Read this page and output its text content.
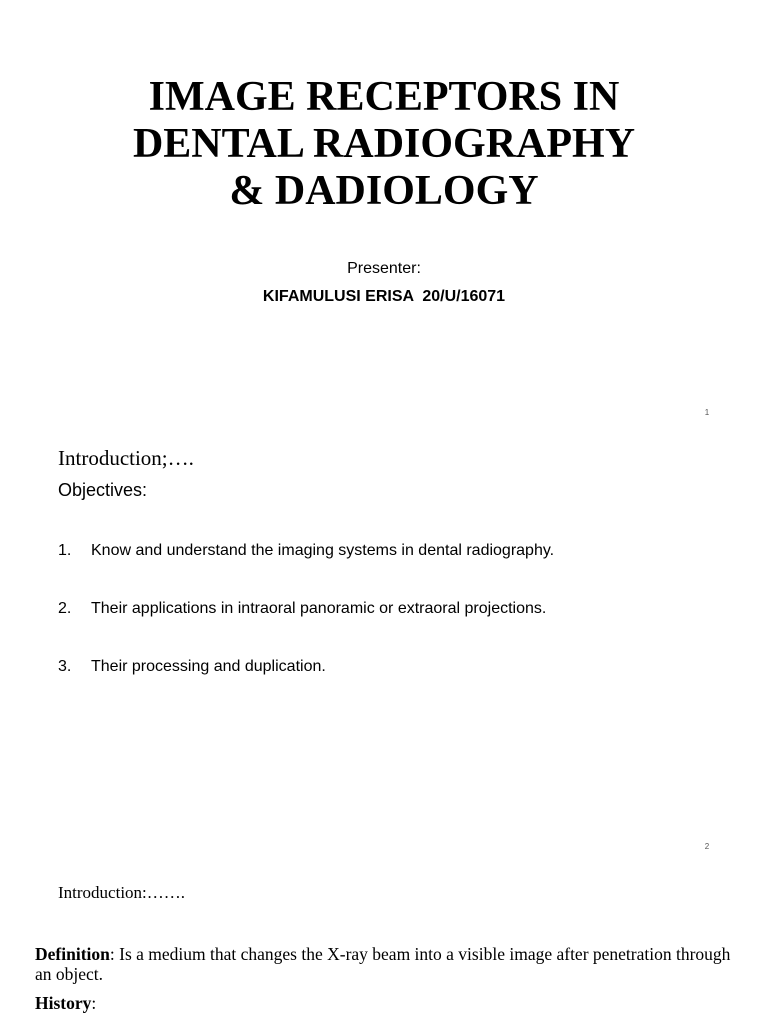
IMAGE RECEPTORS IN
DENTAL RADIOGRAPHY
& DADIOLOGY
Presenter:
KIFAMULUSI ERISA  20/U/16071
1
Introduction;….
Objectives:
1.	Know and understand the imaging systems in dental radiography.
2.	Their applications in intraoral panoramic or extraoral projections.
3.	Their processing and duplication.
2
Introduction:…….
Definition: Is a medium that changes the X-ray beam into a visible image after penetration through an object.
History:
